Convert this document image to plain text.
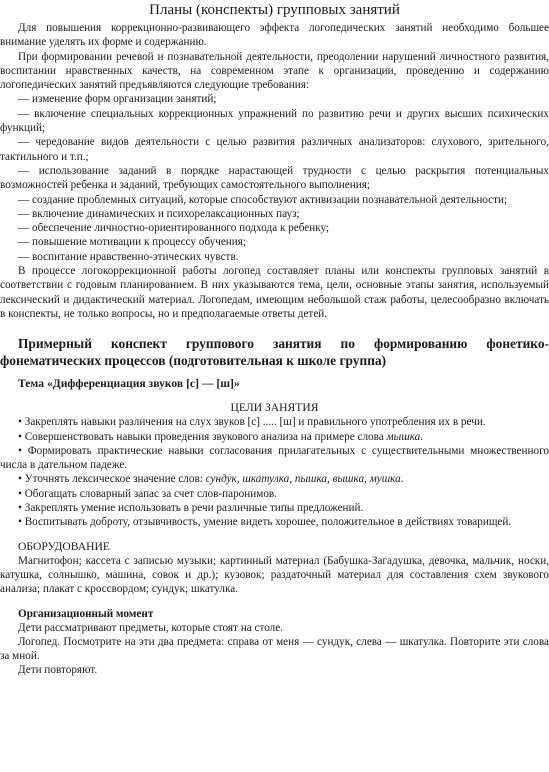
Планы (конспекты) групповых занятий

Для повышения коррекционно-развивающего эффекта логопедических занятий необходимо большее внимание уделять их форме и содержанию.

При формировании речевой и познавательной деятельности, преодолении нарушений личностного развития, воспитании нравственных качеств, на современном этапе к организации, проведению и содержанию логопедических занятий предъявляются следующие требования:

— изменение форм организации занятий;
— включение специальных коррекционных упражнений по развитию речи и других высших психических функций;
— чередование видов деятельности с целью развития различных анализаторов: слухового, зрительного, тактильного и т.п.;
— использование заданий в порядке нарастающей трудности с целью раскрытия потенциальных возможностей ребенка и заданий, требующих самостоятельного выполнения;
— создание проблемных ситуаций, которые способствуют активизации познавательной деятельности;
— включение динамических и психорелаксационных пауз;
— обеспечение личностно-ориентированного подхода к ребенку;
— повышение мотивации к процессу обучения;
— воспитание нравственно-этических чувств.

В процессе логокоррекционной работы логопед составляет планы или конспекты групповых занятий в соответствии с годовым планированием. В них указываются тема, цели, основные этапы занятия, используемый лексический и дидактический материал. Логопедам, имеющим небольшой стаж работы, целесообразно включать в конспекты, не только вопросы, но и предполагаемые ответы детей.

Примерный конспект группового занятия по формированию фонетико-фонематических процессов (подготовительная к школе группа)
Тема «Дифференциация звуков [с] — [ш]»
ЦЕЛИ ЗАНЯТИЯ
• Закреплять навыки различения на слух звуков [с] ..... [ш] и правильного употребления их в речи.
• Совершенствовать навыки проведения звукового анализа на примере слова мышка.
• Формировать практические навыки согласования прилагательных с существительными множественного числа в дательном падеже.
• Уточнять лексическое значение слов: сундук, шкатулка, пышка, вышка, мушка.
• Обогащать словарный запас за счет слов-паронимов.
• Закреплять умение использовать в речи различные типы предложений.
• Воспитывать доброту, отзывчивость, умение видеть хорошее, положительное в действиях товарищей.
ОБОРУДОВАНИЕ

Магнитофон; кассета с записью музыки; картинный материал (Бабушка-Загадушка, девочка, мальчик, носки, катушка, солнышко, машина, совок и др.); кузовок; раздаточный материал для составления схем звукового анализа; плакат с кроссвордом; сундук; шкатулка.

Организационный момент

Дети рассматривают предметы, которые стоят на столе.

Логопед. Посмотрите на эти два предмета: справа от меня — сундук, слева — шкатулка. Повторите эти слова за мной.

Дети повторяют.
